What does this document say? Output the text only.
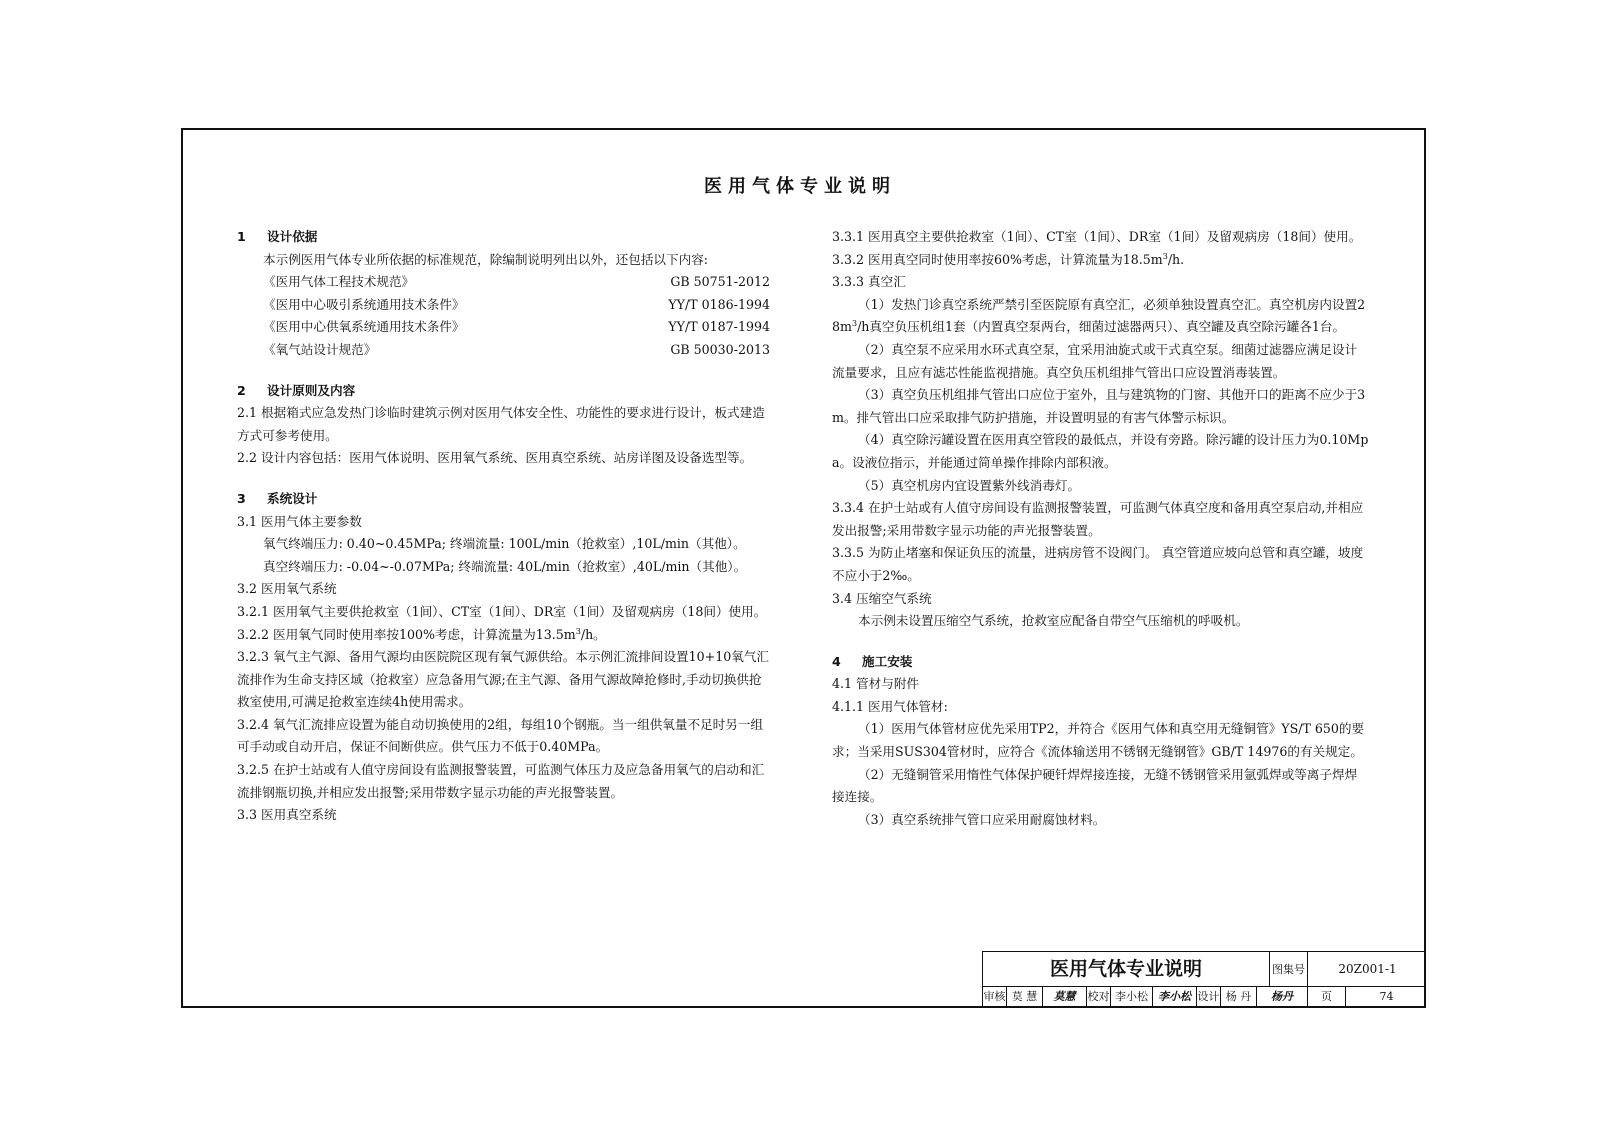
医用气体专业说明

1 设计依据

本示例医用气体专业所依据的标准规范，除编制说明列出以外，还包括以下内容:

《医用气体工程技术规范》	GB 50751-2012
《医用中心吸引系统通用技术条件》	YY/T 0186-1994
《医用中心供氧系统通用技术条件》	YY/T 0187-1994
《氧气站设计规范》	GB 50030-2013

2 设计原则及内容

2.1 根据箱式应急发热门诊临时建筑示例对医用气体安全性、功能性的要求进行设计，板式建造方式可参考使用。

2.2 设计内容包括：医用气体说明、医用氧气系统、医用真空系统、站房详图及设备选型等。

3 系统设计

3.1 医用气体主要参数

氧气终端压力: 0.40~0.45MPa; 终端流量: 100L/min（抢救室）,10L/min（其他）。

真空终端压力: -0.04~-0.07MPa; 终端流量: 40L/min（抢救室）,40L/min（其他）。

3.2 医用氧气系统

3.2.1 医用氧气主要供抢救室（1间）、CT室（1间）、DR室（1间）及留观病房（18间）使用。

3.2.2 医用氧气同时使用率按100%考虑，计算流量为$13.5m^3/h$。

3.2.3 氧气主气源、备用气源均由医院院区现有氧气源供给。本示例汇流排间设置10+10氧气汇流排作为生命支持区域（抢救室）应急备用气源;在主气源、备用气源故障抢修时,手动切换供抢救室使用,可满足抢救室连续4h使用需求。

3.2.4 氧气汇流排应设置为能自动切换使用的2组，每组10个钢瓶。当一组供氧量不足时另一组可手动或自动开启，保证不间断供应。供气压力不低于0.40MPa。

3.2.5 在护士站或有人值守房间设有监测报警装置，可监测气体压力及应急备用氧气的启动和汇流排钢瓶切换,并相应发出报警;采用带数字显示功能的声光报警装置。

3.3 医用真空系统

3.3.1 医用真空主要供抢救室（1间）、CT室（1间）、DR室（1间）及留观病房（18间）使用。

3.3.2 医用真空同时使用率按60%考虑，计算流量为$18.5m^3/h$.

3.3.3 真空汇

（1）发热门诊真空系统严禁引至医院原有真空汇，必须单独设置真空汇。真空机房内设置$28m^3/h$真空负压机组1套（内置真空泵两台，细菌过滤器两只）、真空罐及真空除污罐各1台。

（2）真空泵不应采用水环式真空泵，宜采用油旋式或干式真空泵。细菌过滤器应满足设计流量要求，且应有滤芯性能监视措施。真空负压机组排气管出口应设置消毒装置。

（3）真空负压机组排气管出口应位于室外，且与建筑物的门窗、其他开口的距离不应少于3m。排气管出口应采取排气防护措施，并设置明显的有害气体警示标识。

（4）真空除污罐设置在医用真空管段的最低点，并设有旁路。除污罐的设计压力为0.10Mpa。设液位指示，并能通过简单操作排除内部积液。

（5）真空机房内宜设置紫外线消毒灯。

3.3.4 在护士站或有人值守房间设有监测报警装置，可监测气体真空度和备用真空泵启动,并相应发出报警;采用带数字显示功能的声光报警装置。

3.3.5 为防止堵塞和保证负压的流量，进病房管不设阀门。 真空管道应坡向总管和真空罐，坡度不应小于2‰。

3.4 压缩空气系统

本示例未设置压缩空气系统，抢救室应配备自带空气压缩机的呼吸机。

4 施工安装

4.1 管材与附件

4.1.1 医用气体管材:

（1）医用气体管材应优先采用TP2，并符合《医用气体和真空用无缝铜管》YS/T 650的要求；当采用SUS304管材时，应符合《流体输送用不锈钢无缝钢管》GB/T 14976的有关规定。

（2）无缝铜管采用惰性气体保护硬钎焊焊接连接，无缝不锈钢管采用氩弧焊或等离子焊焊接连接。

（3）真空系统排气管口应采用耐腐蚀材料。

医用气体专业说明	图集号	20Z001-1
审核 莫 慧	莫慧	校对 李小松 李小松 设计 杨 丹	杨丹	页	74
